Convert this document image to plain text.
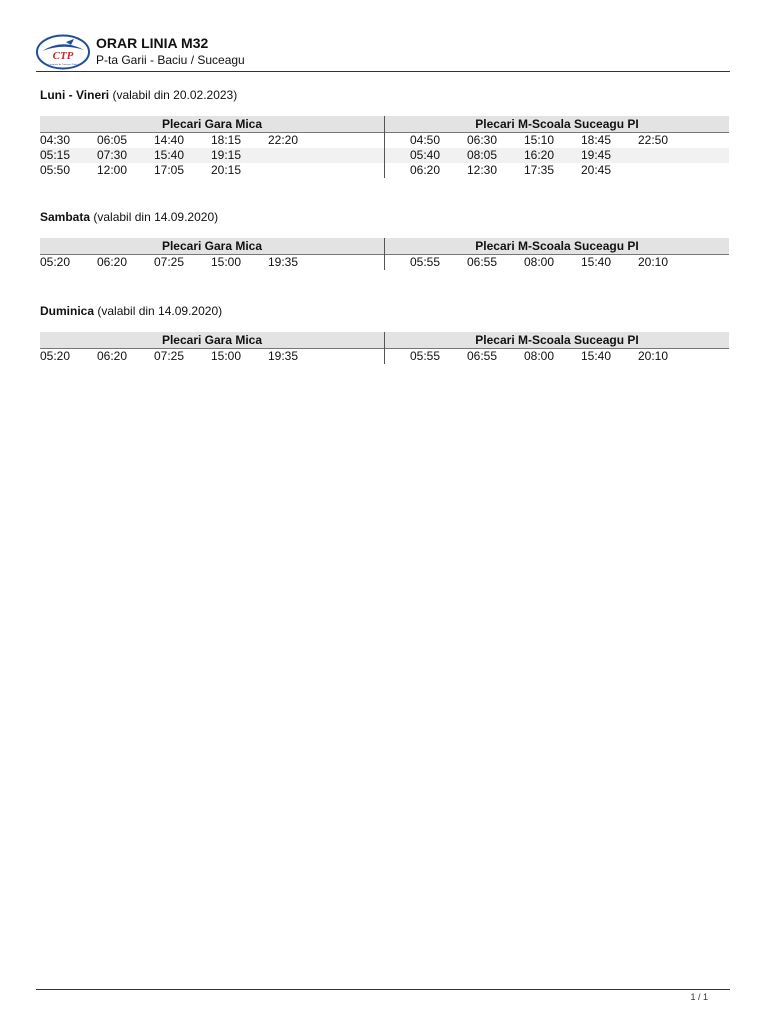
CTP
Compania de Transport Public
ORAR LINIA M32
P-ta Garii - Baciu / Suceagu
Luni - Vineri (valabil din 20.02.2023)
Plecari Gara Mica
04:30	06:05	14:40	18:15	22:20
05:15	07:30	15:40	19:15
05:50	12:00	17:05	20:15
Plecari M-Scoala Suceagu PI
04:50	06:30	15:10	18:45	22:50
05:40	08:05	16:20	19:45
06:20	12:30	17:35	20:45
Sambata (valabil din 14.09.2020)
Plecari Gara Mica
05:20	06:20	07:25	15:00	19:35
Plecari M-Scoala Suceagu PI
05:55	06:55	08:00	15:40	20:10
Duminica (valabil din 14.09.2020)
Plecari Gara Mica
05:20	06:20	07:25	15:00	19:35
Plecari M-Scoala Suceagu PI
05:55	06:55	08:00	15:40	20:10
1 / 1
